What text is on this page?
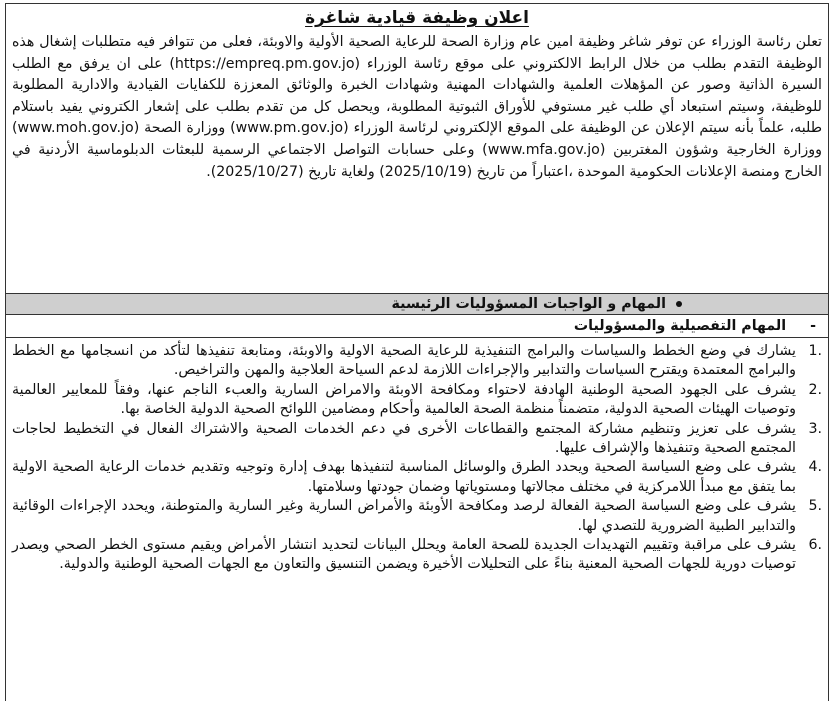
اعلان وظيفة قيادية شاغرة
تعلن رئاسة الوزراء عن توفر شاغر وظيفة امين عام وزارة الصحة للرعاية الصحية الأولية والاوبئة، فعلى من تتوافر فيه متطلبات إشغال هذه الوظيفة التقدم بطلب من خلال الرابط الالكتروني على موقع رئاسة الوزراء (https://empreq.pm.gov.jo) على ان يرفق مع الطلب السيرة الذاتية وصور عن المؤهلات العلمية والشهادات المهنية وشهادات الخبرة والوثائق المعززة للكفايات القيادية والادارية المطلوبة للوظيفة، وسيتم استبعاد أي طلب غير مستوفي للأوراق الثبوتية المطلوبة، ويحصل كل من تقدم بطلب على إشعار الكتروني يفيد باستلام طلبه، علماً بأنه سيتم الإعلان عن الوظيفة على الموقع الإلكتروني لرئاسة الوزراء (www.pm.gov.jo) ووزارة الصحة (www.moh.gov.jo) ووزارة الخارجية وشؤون المغتربين (www.mfa.gov.jo) وعلى حسابات التواصل الاجتماعي الرسمية للبعثات الدبلوماسية الأردنية في الخارج ومنصة الإعلانات الحكومية الموحدة ،اعتباراً من تاريخ (2025/10/19) ولغاية تاريخ (2025/10/27).
المهام و الواجبات المسؤوليات الرئيسية
-المهام التفصيلية والمسؤوليات
1.
يشارك في وضع الخطط والسياسات والبرامج التنفيذية للرعاية الصحية الاولية والاوبئة، ومتابعة تنفيذها لتأكد من انسجامها مع الخطط والبرامج المعتمدة ويقترح السياسات والتدابير والإجراءات اللازمة لدعم السياحة العلاجية والمهن والتراخيص.
2.
يشرف على الجهود الصحية الوطنية الهادفة لاحتواء ومكافحة الاوبئة والامراض السارية والعبء الناجم عنها، وفقاً للمعايير العالمية وتوصيات الهيئات الصحية الدولية، متضمناً منظمة الصحة العالمية وأحكام ومضامين اللوائح الصحية الدولية الخاصة بها.
3.
يشرف على تعزيز وتنظيم مشاركة المجتمع والقطاعات الأخرى في دعم الخدمات الصحية والاشتراك الفعال في التخطيط لحاجات المجتمع الصحية وتنفيذها والإشراف عليها.
4.
يشرف على وضع السياسة الصحية ويحدد الطرق والوسائل المناسبة لتنفيذها بهدف إدارة وتوجيه وتقديم خدمات الرعاية الصحية الاولية بما يتفق مع مبدأ اللامركزية في مختلف مجالاتها ومستوياتها وضمان جودتها وسلامتها.
5.
يشرف على وضع السياسة الصحية الفعالة لرصد ومكافحة الأوبئة والأمراض السارية وغير السارية والمتوطنة، ويحدد الإجراءات الوقائية والتدابير الطبية الضرورية للتصدي لها.
6.
يشرف على مراقبة وتقييم التهديدات الجديدة للصحة العامة ويحلل البيانات لتحديد انتشار الأمراض ويقيم مستوى الخطر الصحي ويصدر توصيات دورية للجهات الصحية المعنية بناءً على التحليلات الأخيرة ويضمن التنسيق والتعاون مع الجهات الصحية الوطنية والدولية.
